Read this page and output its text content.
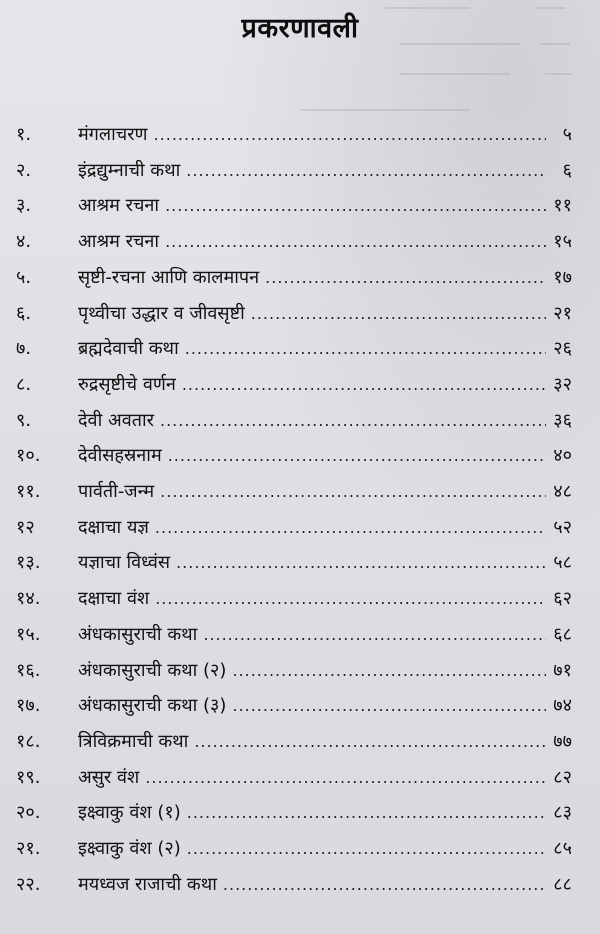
प्रकरणावली
१.	मंगलाचरण .....	५
२.	इंद्रद्युम्नाची कथा .....	६
३.	आश्रम रचना .....	११
४.	आश्रम रचना .....	१५
५.	सृष्टी-रचना आणि कालमापन .....	१७
६.	पृथ्वीचा उद्धार व जीवसृष्टी .....	२१
७.	ब्रह्मदेवाची कथा .....	२६
८.	रुद्रसृष्टीचे वर्णन .....	३२
९.	देवी अवतार .....	३६
१०. देवीसहस्रनाम .....	४०
११. पार्वती-जन्म .....	४८
१२ दक्षाचा यज्ञ .....	५२
१३. यज्ञाचा विध्वंस .....	५८
१४. दक्षाचा वंश .....	६२
१५. अंधकासुराची कथा .....	६८
१६. अंधकासुराची कथा (२) .....	७१
१७. अंधकासुराची कथा (३) .....	७४
१८. त्रिविक्रमाची कथा .....	७७
१९. असुर वंश .....	८२
२०. इक्ष्वाकु वंश (१) .....	८३
२१. इक्ष्वाकु वंश (२) .....	८५
२२. मयध्वज राजाची कथा .....	८८
